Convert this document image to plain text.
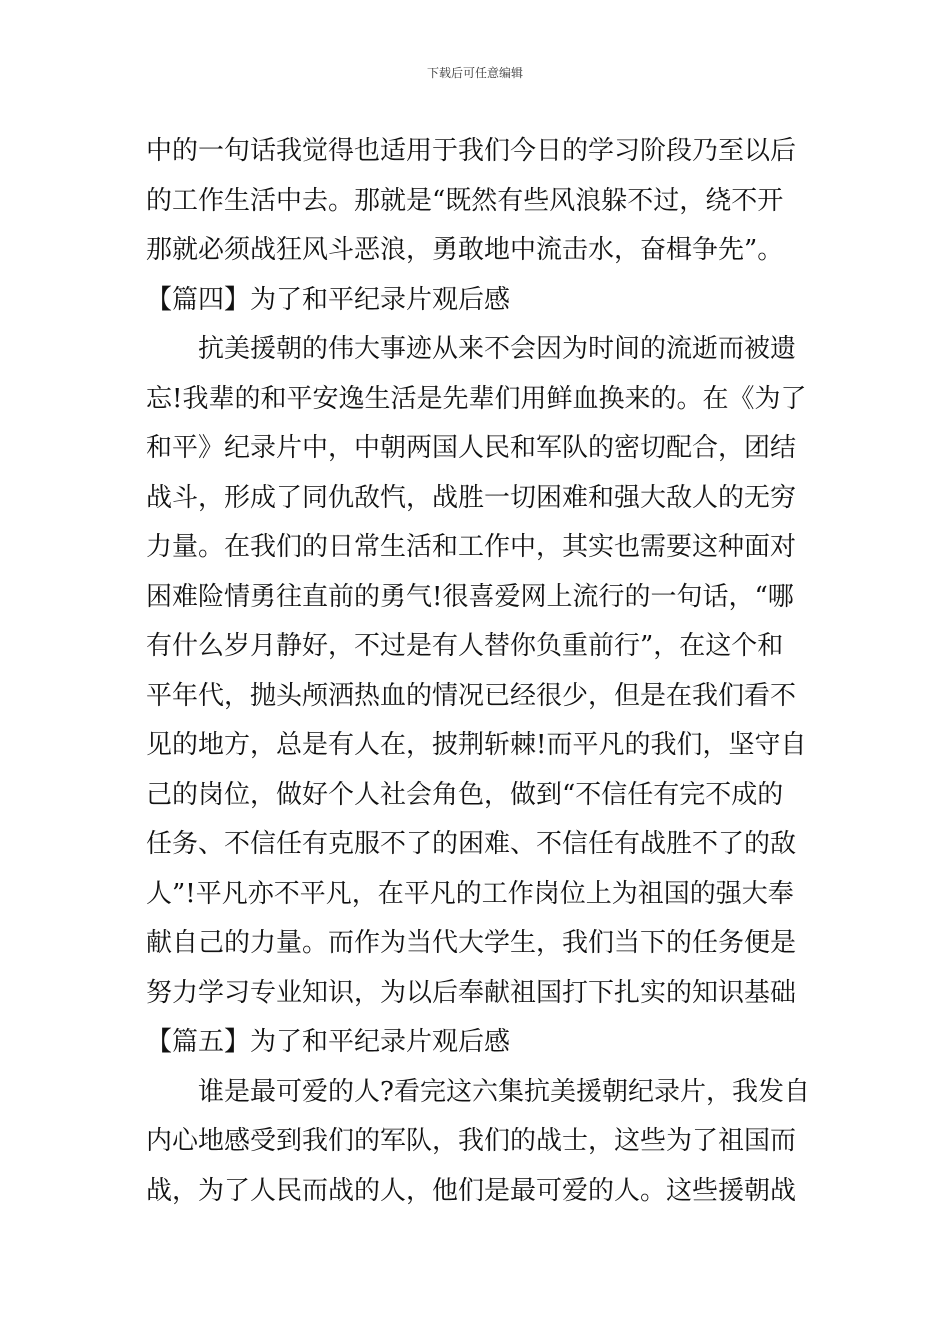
下载后可任意编辑
中的一句话我觉得也适用于我们今日的学习阶段乃至以后
的工作生活中去。那就是“既然有些风浪躲不过，绕不开
那就必须战狂风斗恶浪，勇敢地中流击水，奋楫争先”。
【篇四】为了和平纪录片观后感
抗美援朝的伟大事迹从来不会因为时间的流逝而被遗
忘!我辈的和平安逸生活是先辈们用鲜血换来的。在《为了
和平》纪录片中，中朝两国人民和军队的密切配合，团结
战斗，形成了同仇敌忾，战胜一切困难和强大敌人的无穷
力量。在我们的日常生活和工作中，其实也需要这种面对
困难险情勇往直前的勇气!很喜爱网上流行的一句话，“哪
有什么岁月静好，不过是有人替你负重前行”，在这个和
平年代，抛头颅洒热血的情况已经很少，但是在我们看不
见的地方，总是有人在，披荆斩棘!而平凡的我们，坚守自
己的岗位，做好个人社会角色，做到“不信任有完不成的
任务、不信任有克服不了的困难、不信任有战胜不了的敌
人”!平凡亦不平凡，在平凡的工作岗位上为祖国的强大奉
献自己的力量。而作为当代大学生，我们当下的任务便是
努力学习专业知识，为以后奉献祖国打下扎实的知识基础
【篇五】为了和平纪录片观后感
谁是最可爱的人?看完这六集抗美援朝纪录片，我发自
内心地感受到我们的军队，我们的战士，这些为了祖国而
战，为了人民而战的人，他们是最可爱的人。这些援朝战
